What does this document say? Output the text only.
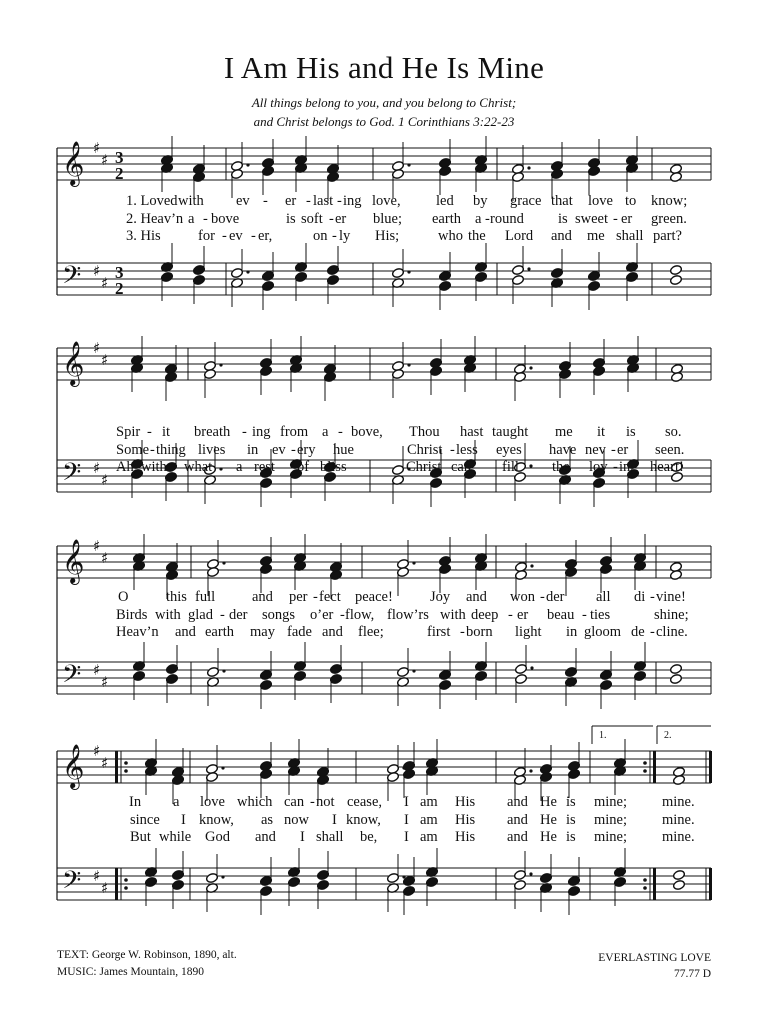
I Am His and He Is Mine
All things belong to you, and you belong to Christ;
and Christ belongs to God. 1 Corinthians 3:22-23
𝄞
𝄢
♯
♯
♯
♯
3
2
3
2
𝄞
𝄢
♯
♯
♯
♯
𝄞
𝄢
♯
♯
♯
♯
𝄞
𝄢
♯
♯
♯
♯
1.	2.
1. Loved with ev - er - last - ing love, led by grace that love to know;
2. Heav’n a - bove	is soft - er blue; earth a - round is sweet - er green.
3. His	for - ev - er,	on - ly His;	who the Lord and me shall part?
Spir - it breath - ing from a - bove, Thou hast taught me it is so.
Some - thing lives in ev - ery hue	Christ - less eyes have nev - er seen.
Ah, with what a rest of bliss	Christ can fill the lov - ing heart!
O	this full	and per - fect peace!	Joy and won - der all di - vine!
Birds with glad - der songs o’er - flow, flow’rs with deep - er beau - ties	shine;
Heav’n and earth may fade and flee;	first - born light in gloom de - cline.
In a love which can - not cease, I am His and He is mine; mine.
since I know, as now I know, I am His and He is mine; mine.
But while God and I shall be, I am His and He is mine; mine.
TEXT: George W. Robinson, 1890, alt.
MUSIC: James Mountain, 1890
EVERLASTING LOVE
77.77 D
